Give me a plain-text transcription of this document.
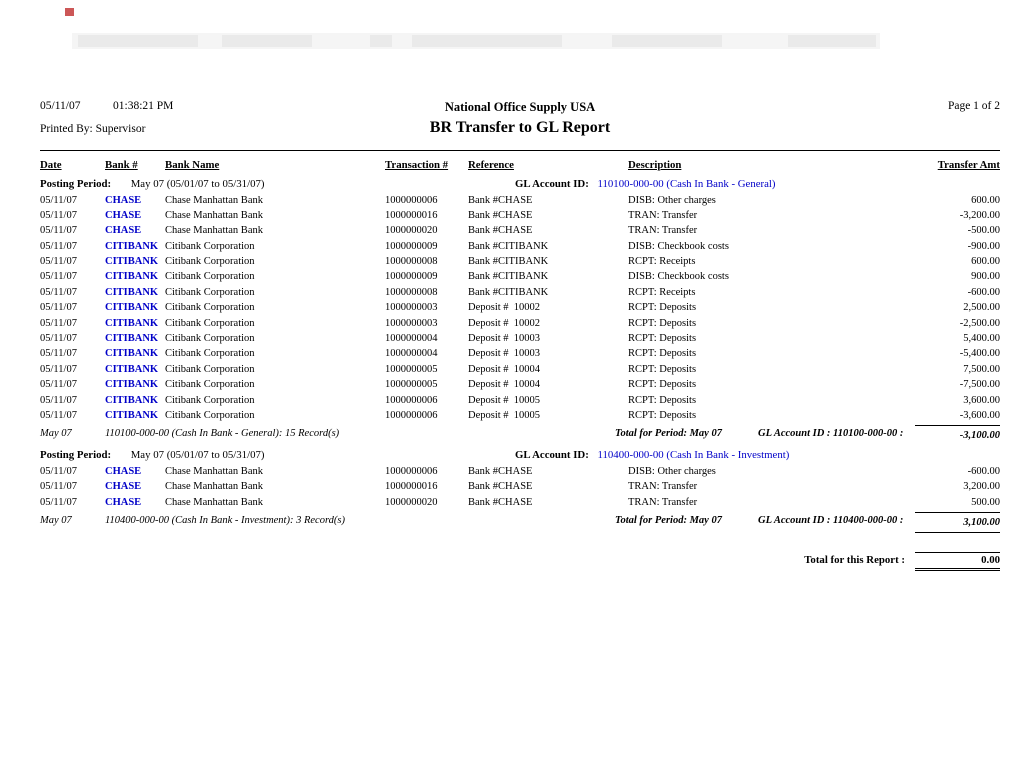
05/11/07	01:38:21 PM	National Office Supply USA	Page 1 of 2
Printed By: Supervisor	BR Transfer to GL Report
Date	Bank #	Bank Name	Transaction #	Reference	Description	Transfer Amt
Posting Period: May 07 (05/01/07 to 05/31/07)	GL Account ID: 110100-000-00 (Cash In Bank - General)
05/11/07	CHASE	Chase Manhattan Bank	1000000006	Bank #CHASE	DISB: Other charges	600.00
05/11/07	CHASE	Chase Manhattan Bank	1000000016	Bank #CHASE	TRAN: Transfer	-3,200.00
05/11/07	CHASE	Chase Manhattan Bank	1000000020	Bank #CHASE	TRAN: Transfer	-500.00
05/11/07	CITIBANK Citibank Corporation	1000000009	Bank #CITIBANK	DISB: Checkbook costs	-900.00
05/11/07	CITIBANK Citibank Corporation	1000000008	Bank #CITIBANK	RCPT: Receipts	600.00
05/11/07	CITIBANK Citibank Corporation	1000000009	Bank #CITIBANK	DISB: Checkbook costs	900.00
05/11/07	CITIBANK Citibank Corporation	1000000008	Bank #CITIBANK	RCPT: Receipts	-600.00
05/11/07	CITIBANK Citibank Corporation	1000000003	Deposit #  10002	RCPT: Deposits	2,500.00
05/11/07	CITIBANK Citibank Corporation	1000000003	Deposit #  10002	RCPT: Deposits	-2,500.00
05/11/07	CITIBANK Citibank Corporation	1000000004	Deposit #  10003	RCPT: Deposits	5,400.00
05/11/07	CITIBANK Citibank Corporation	1000000004	Deposit #  10003	RCPT: Deposits	-5,400.00
05/11/07	CITIBANK Citibank Corporation	1000000005	Deposit #  10004	RCPT: Deposits	7,500.00
05/11/07	CITIBANK Citibank Corporation	1000000005	Deposit #  10004	RCPT: Deposits	-7,500.00
05/11/07	CITIBANK Citibank Corporation	1000000006	Deposit #  10005	RCPT: Deposits	3,600.00
05/11/07	CITIBANK Citibank Corporation	1000000006	Deposit #  10005	RCPT: Deposits	-3,600.00
May 07	110100-000-00 (Cash In Bank - General): 15 Record(s)	Total for Period: May 07	GL Account ID : 110100-000-00 :	-3,100.00
Posting Period: May 07 (05/01/07 to 05/31/07)	GL Account ID: 110400-000-00 (Cash In Bank - Investment)
05/11/07	CHASE	Chase Manhattan Bank	1000000006	Bank #CHASE	DISB: Other charges	-600.00
05/11/07	CHASE	Chase Manhattan Bank	1000000016	Bank #CHASE	TRAN: Transfer	3,200.00
05/11/07	CHASE	Chase Manhattan Bank	1000000020	Bank #CHASE	TRAN: Transfer	500.00
May 07	110400-000-00 (Cash In Bank - Investment): 3 Record(s)	Total for Period: May 07	GL Account ID : 110400-000-00 :	3,100.00
Total for this Report :	0.00
